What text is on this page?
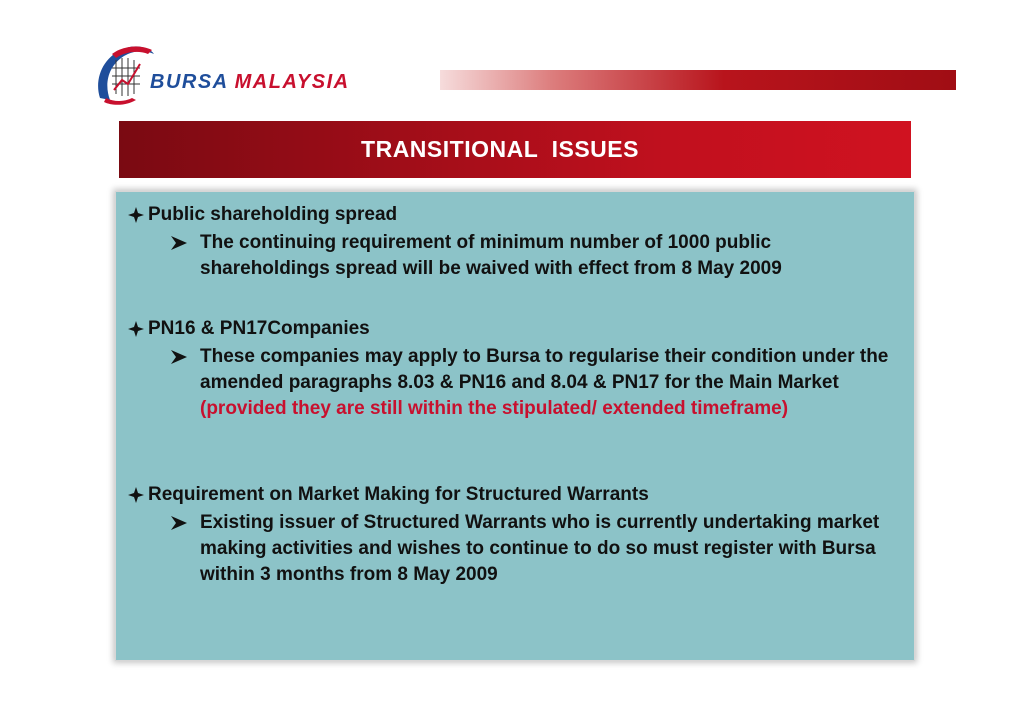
BURSA MALAYSIA
TRANSITIONAL  ISSUES
Public shareholding spread
The continuing requirement of minimum number of 1000 public shareholdings spread will be waived with effect from 8 May 2009
PN16 & PN17Companies
These companies may apply to Bursa to regularise their condition under the amended paragraphs 8.03 & PN16 and 8.04 & PN17 for the Main Market (provided they are still within the stipulated/ extended timeframe)
Requirement on Market Making for Structured Warrants
Existing issuer of Structured Warrants who is currently undertaking market making activities and wishes to continue to do so must register with Bursa within 3 months from 8 May 2009
